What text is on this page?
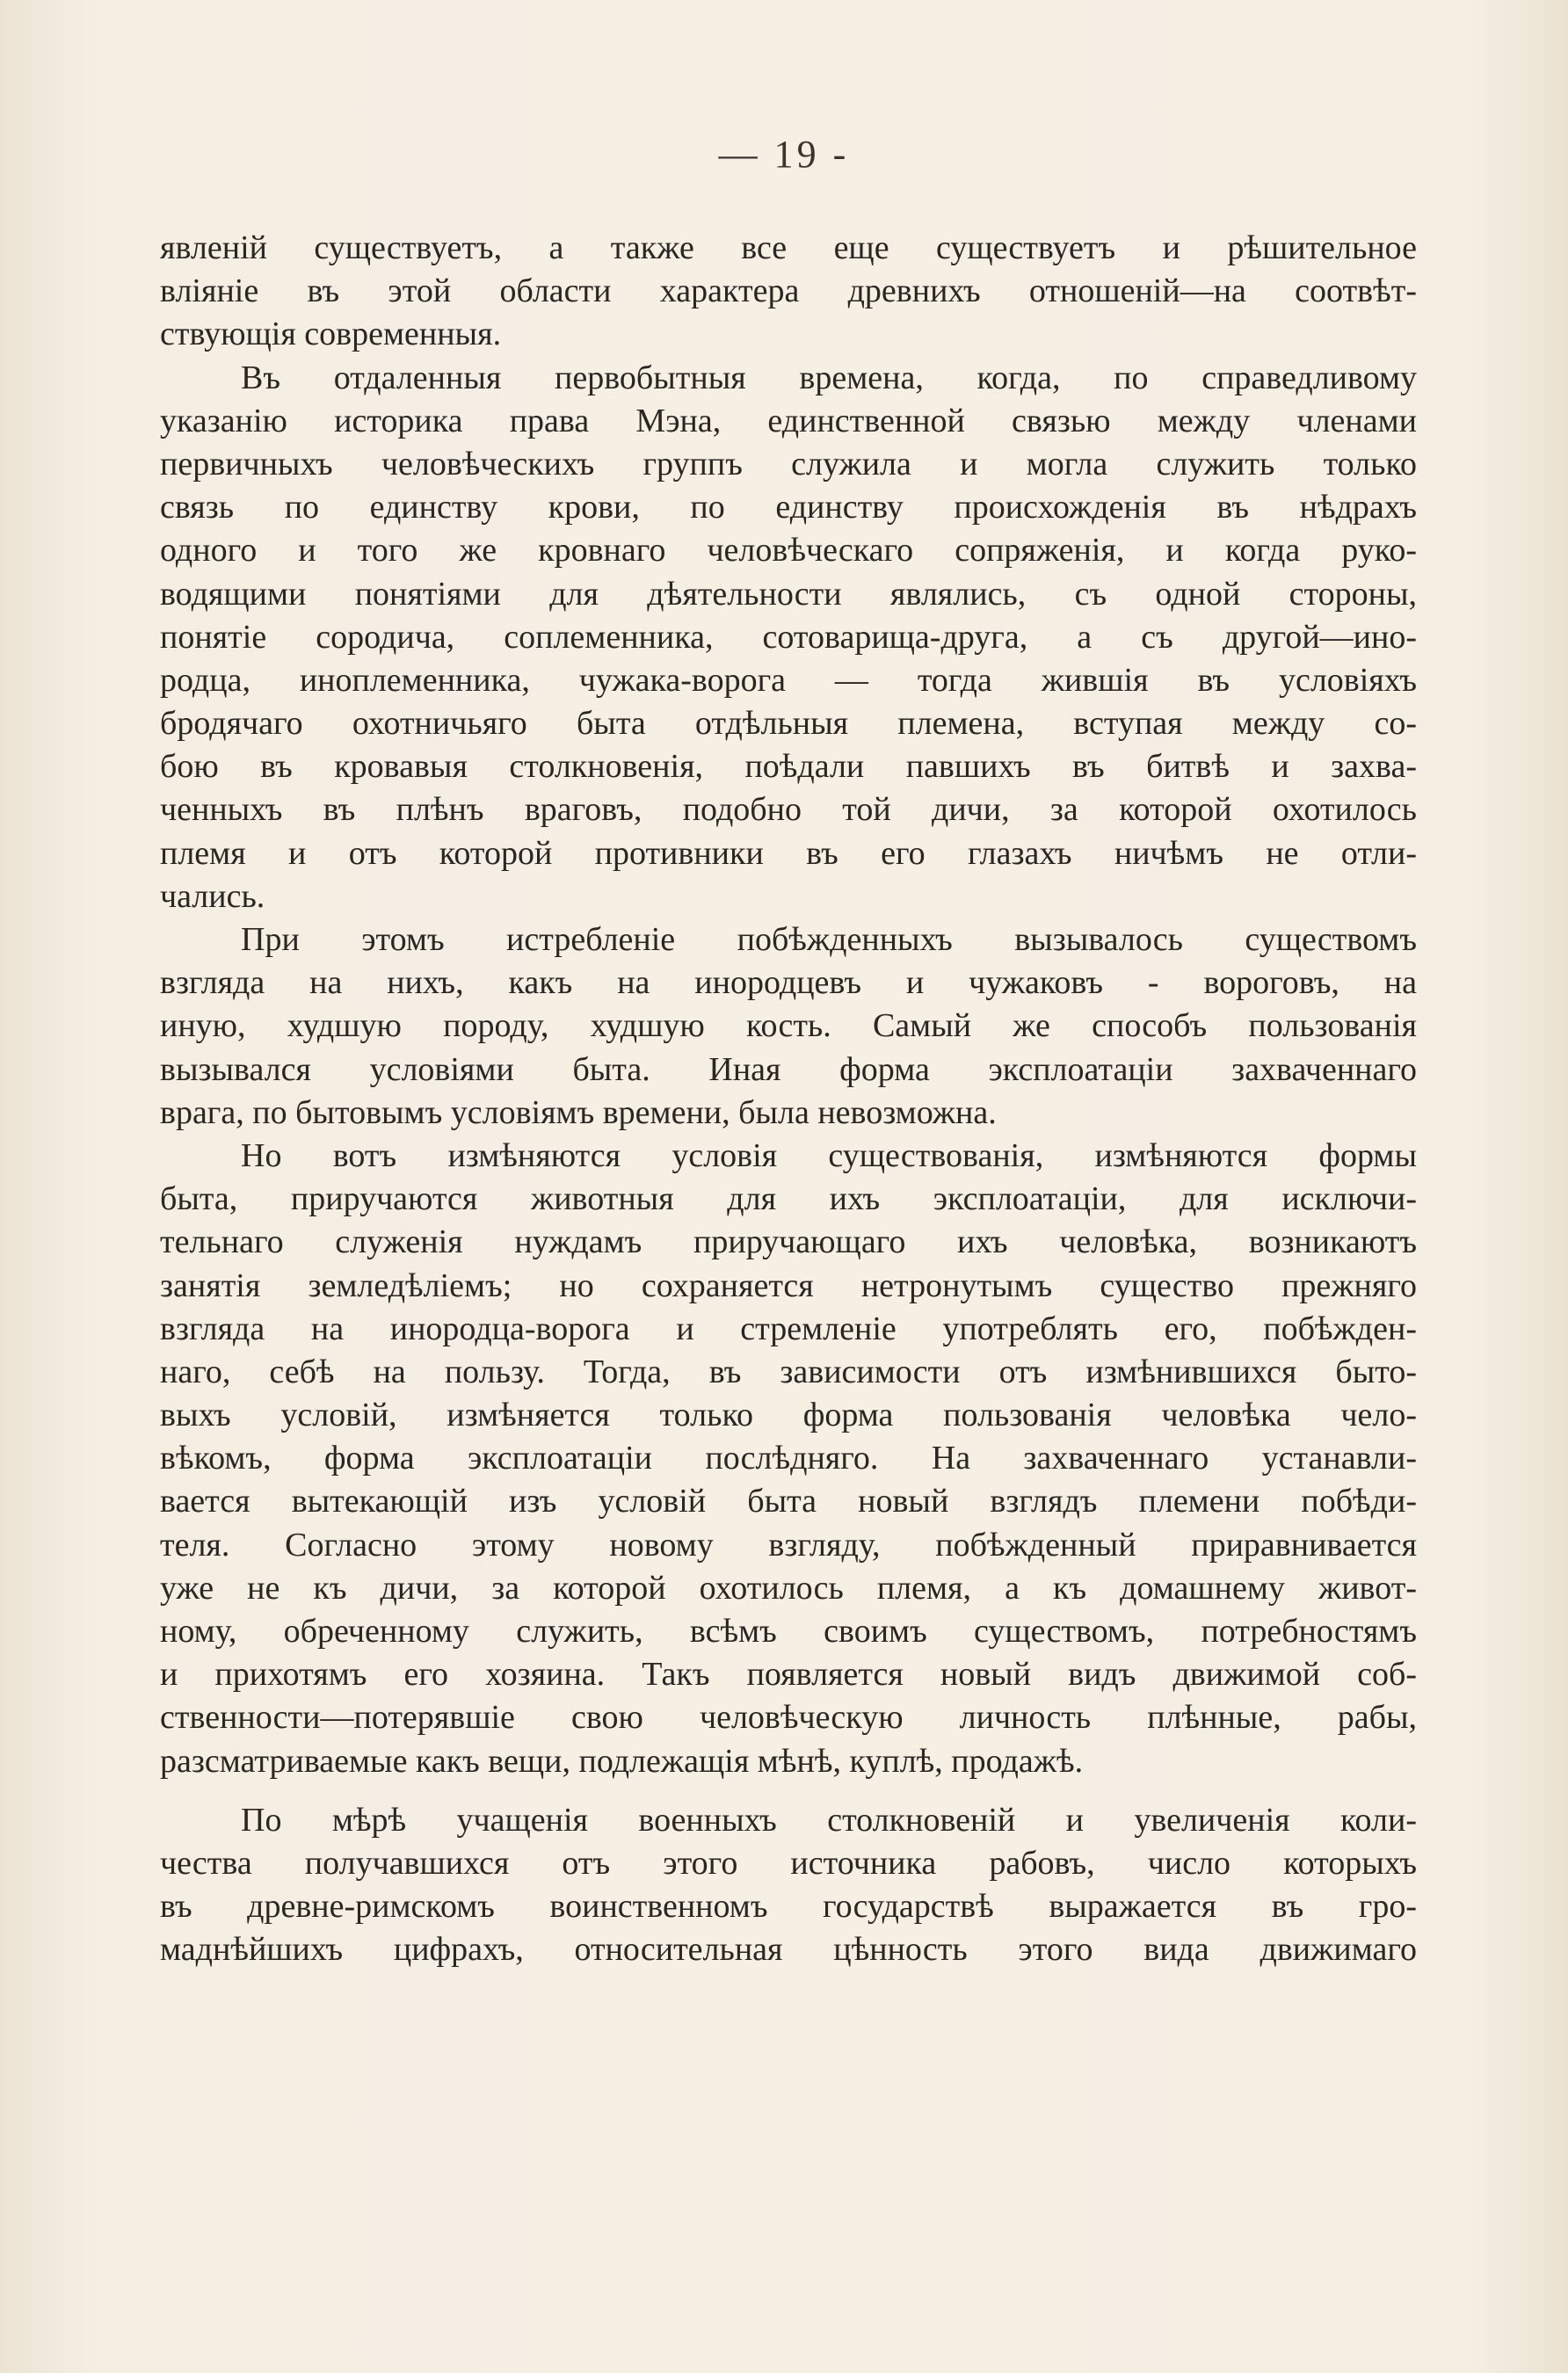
— 19 -
явленій существуетъ, а также все еще существуетъ и рѣшительное
вліяніе въ этой области характера древнихъ отношеній—на соотвѣт-
ствующія современныя.
Въ отдаленныя первобытныя времена, когда, по справедливому
указанію историка права Мэна, единственной связью между членами
первичныхъ человѣческихъ группъ служила и могла служить только
связь по единству крови, по единству происхожденія въ нѣдрахъ
одного и того же кровнаго человѣческаго сопряженія, и когда руко-
водящими понятіями для дѣятельности являлись, съ одной стороны,
понятіе сородича, соплеменника, сотоварища-друга, а съ другой—ино-
родца, иноплеменника, чужака-ворога — тогда жившія въ условіяхъ
бродячаго охотничьяго быта отдѣльныя племена, вступая между со-
бою въ кровавыя столкновенія, поѣдали павшихъ въ битвѣ и захва-
ченныхъ въ плѣнъ враговъ, подобно той дичи, за которой охотилось
племя и отъ которой противники въ его глазахъ ничѣмъ не отли-
чались.
При этомъ истребленіе побѣжденныхъ вызывалось существомъ
взгляда на нихъ, какъ на инородцевъ и чужаковъ - вороговъ, на
иную, худшую породу, худшую кость. Самый же способъ пользованія
вызывался условіями быта. Иная форма эксплоатаціи захваченнаго
врага, по бытовымъ условіямъ времени, была невозможна.
Но вотъ измѣняются условія существованія, измѣняются формы
быта, приручаются животныя для ихъ эксплоатаціи, для исключи-
тельнаго служенія нуждамъ приручающаго ихъ человѣка, возникаютъ
занятія земледѣліемъ; но сохраняется нетронутымъ существо прежняго
взгляда на инородца-ворога и стремленіе употреблять его, побѣжден-
наго, себѣ на пользу. Тогда, въ зависимости отъ измѣнившихся быто-
выхъ условій, измѣняется только форма пользованія человѣка чело-
вѣкомъ, форма эксплоатаціи послѣдняго. На захваченнаго устанавли-
вается вытекающій изъ условій быта новый взглядъ племени побѣди-
теля. Согласно этому новому взгляду, побѣжденный приравнивается
уже не къ дичи, за которой охотилось племя, а къ домашнему живот-
ному, обреченному служить, всѣмъ своимъ существомъ, потребностямъ
и прихотямъ его хозяина. Такъ появляется новый видъ движимой соб-
ственности—потерявшіе свою человѣческую личность плѣнные, рабы,
разсматриваемые какъ вещи, подлежащія мѣнѣ, куплѣ, продажѣ.
По мѣрѣ учащенія военныхъ столкновеній и увеличенія коли-
чества получавшихся отъ этого источника рабовъ, число которыхъ
въ древне-римскомъ воинственномъ государствѣ выражается въ гро-
маднѣйшихъ цифрахъ, относительная цѣнность этого вида движимаго
